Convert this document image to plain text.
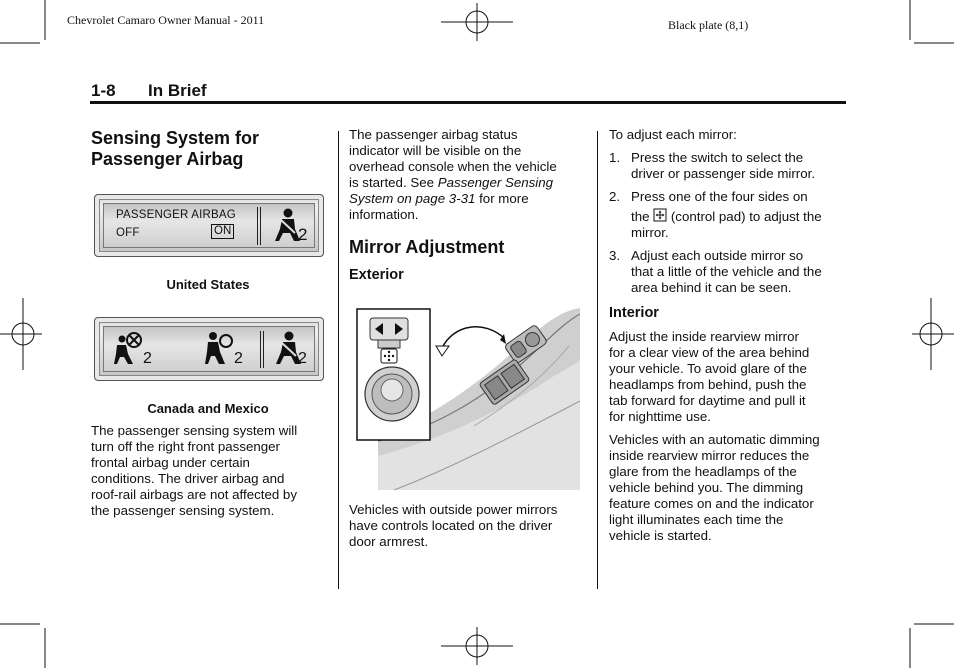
Chevrolet Camaro Owner Manual - 2011	Black plate (8,1)
1-8 In Brief
Sensing System for
Passenger Airbag
PASSENGER AIRBAG
OFF	ON	2
United States
2	2	2
Canada and Mexico
The passenger sensing system will
turn off the right front passenger
frontal airbag under certain
conditions. The driver airbag and
roof-rail airbags are not affected by
the passenger sensing system.
The passenger airbag status
indicator will be visible on the
overhead console when the vehicle
is started. See Passenger Sensing
System on page 3-31 for more
information.
Mirror Adjustment
Exterior
Vehicles with outside power mirrors
have controls located on the driver
door armrest.
To adjust each mirror:
1. Press the switch to select the
driver or passenger side mirror.
2. Press one of the four sides on
the  (control pad) to adjust the
mirror.
3. Adjust each outside mirror so
that a little of the vehicle and the
area behind it can be seen.
Interior
Adjust the inside rearview mirror
for a clear view of the area behind
your vehicle. To avoid glare of the
headlamps from behind, push the
tab forward for daytime and pull it
for nighttime use.
Vehicles with an automatic dimming
inside rearview mirror reduces the
glare from the headlamps of the
vehicle behind you. The dimming
feature comes on and the indicator
light illuminates each time the
vehicle is started.
